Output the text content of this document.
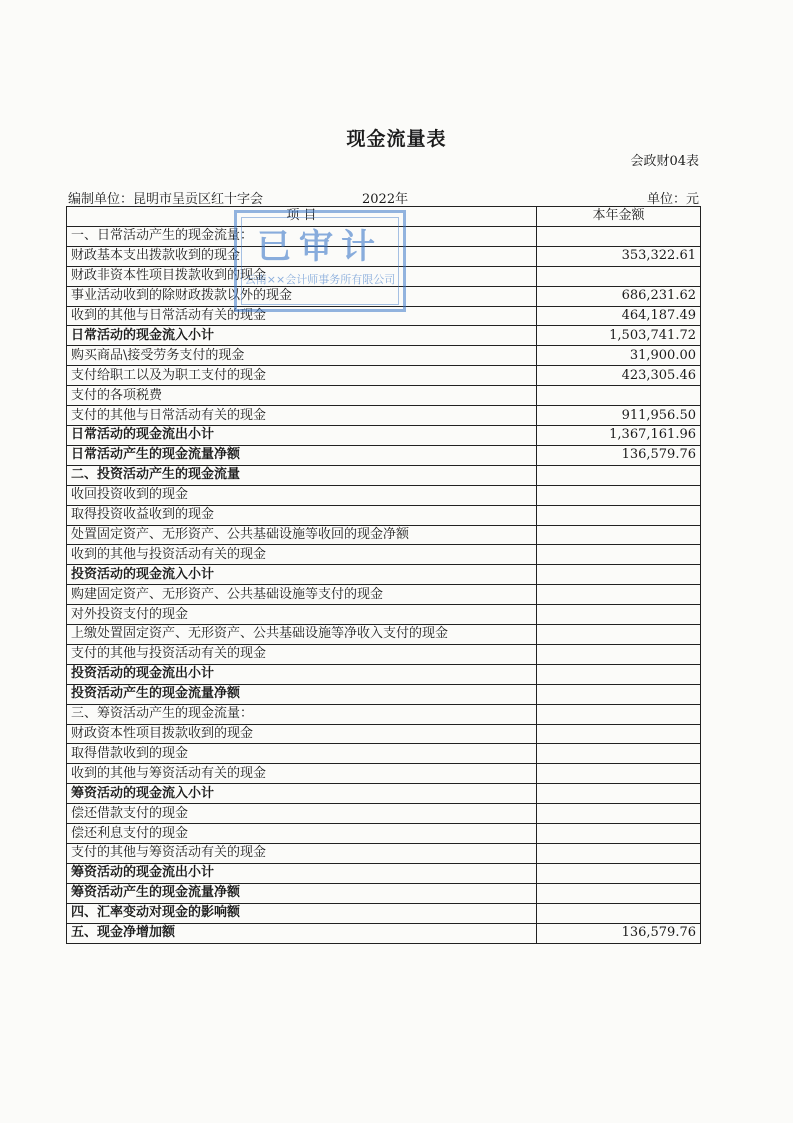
现金流量表
会政财04表
编制单位：昆明市呈贡区红十字会	2022年	单位：元
项 目	本年金额
一、日常活动产生的现金流量：	
财政基本支出拨款收到的现金	353,322.61
财政非资本性项目拨款收到的现金	
事业活动收到的除财政拨款以外的现金	686,231.62
收到的其他与日常活动有关的现金	464,187.49
日常活动的现金流入小计	1,503,741.72
购买商品\接受劳务支付的现金	31,900.00
支付给职工以及为职工支付的现金	423,305.46
支付的各项税费	
支付的其他与日常活动有关的现金	911,956.50
日常活动的现金流出小计	1,367,161.96
日常活动产生的现金流量净额	136,579.76
二、投资活动产生的现金流量	
收回投资收到的现金	
取得投资收益收到的现金	
处置固定资产、无形资产、公共基础设施等收回的现金净额	
收到的其他与投资活动有关的现金	
投资活动的现金流入小计	
购建固定资产、无形资产、公共基础设施等支付的现金	
对外投资支付的现金	
上缴处置固定资产、无形资产、公共基础设施等净收入支付的现金	
支付的其他与投资活动有关的现金	
投资活动的现金流出小计	
投资活动产生的现金流量净额	
三、筹资活动产生的现金流量：	
财政资本性项目拨款收到的现金	
取得借款收到的现金	
收到的其他与筹资活动有关的现金	
筹资活动的现金流入小计	
偿还借款支付的现金	
偿还利息支付的现金	
支付的其他与筹资活动有关的现金	
筹资活动的现金流出小计	
筹资活动产生的现金流量净额	
四、汇率变动对现金的影响额	
五、现金净增加额	136,579.76
已审计
云南××会计师事务所有限公司
